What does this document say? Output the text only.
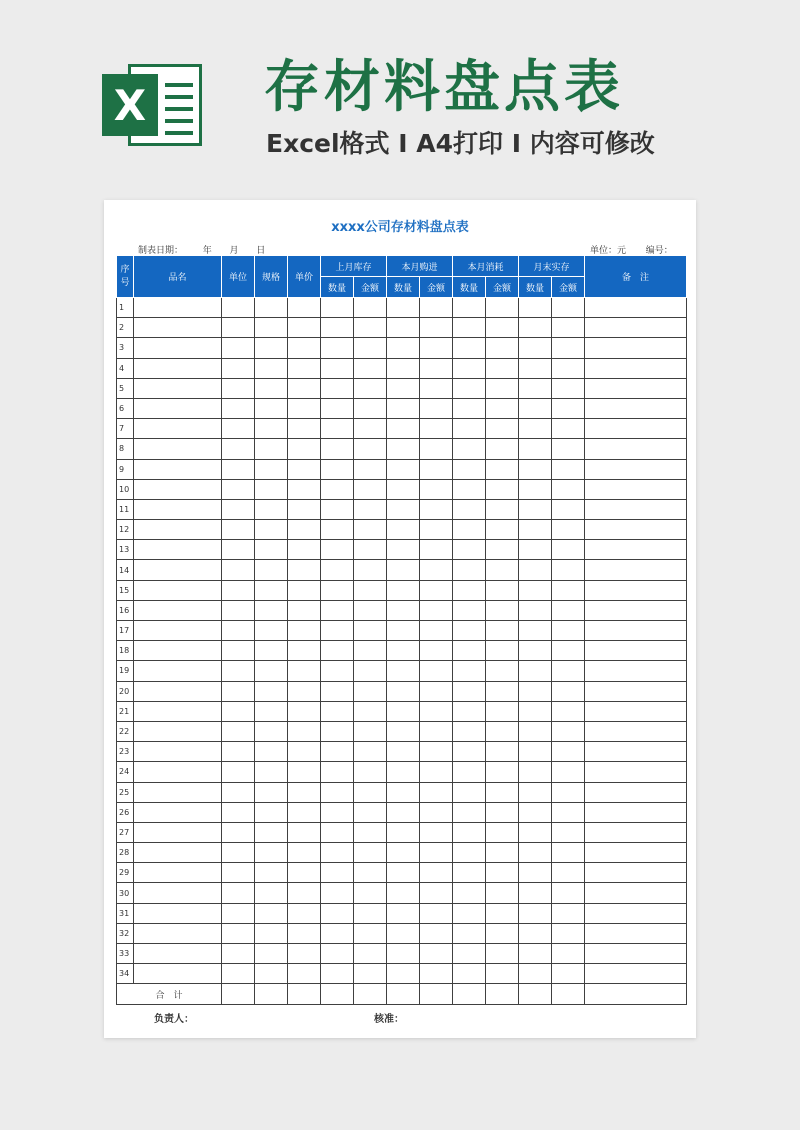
X 存材料盘点表
Excel格式 I A4打印 I 内容可修改
xxxx公司存材料盘点表
制表日期： 年 月 日	单位：元 编号：
序号	品名	单位	规格	单价	上月库存		本月购进		本月消耗		月末实存		备　注
					数量	金额	数量	金额	数量	金额	数量	金额	
1													
2													
3													
4													
5													
6													
7													
8													
9													
10													
11													
12													
13													
14													
15													
16													
17													
18													
19													
20													
21													
22													
23													
24													
25													
26													
27													
28													
29													
30													
31													
32													
33													
34													
合　计													
负责人：	核准：
